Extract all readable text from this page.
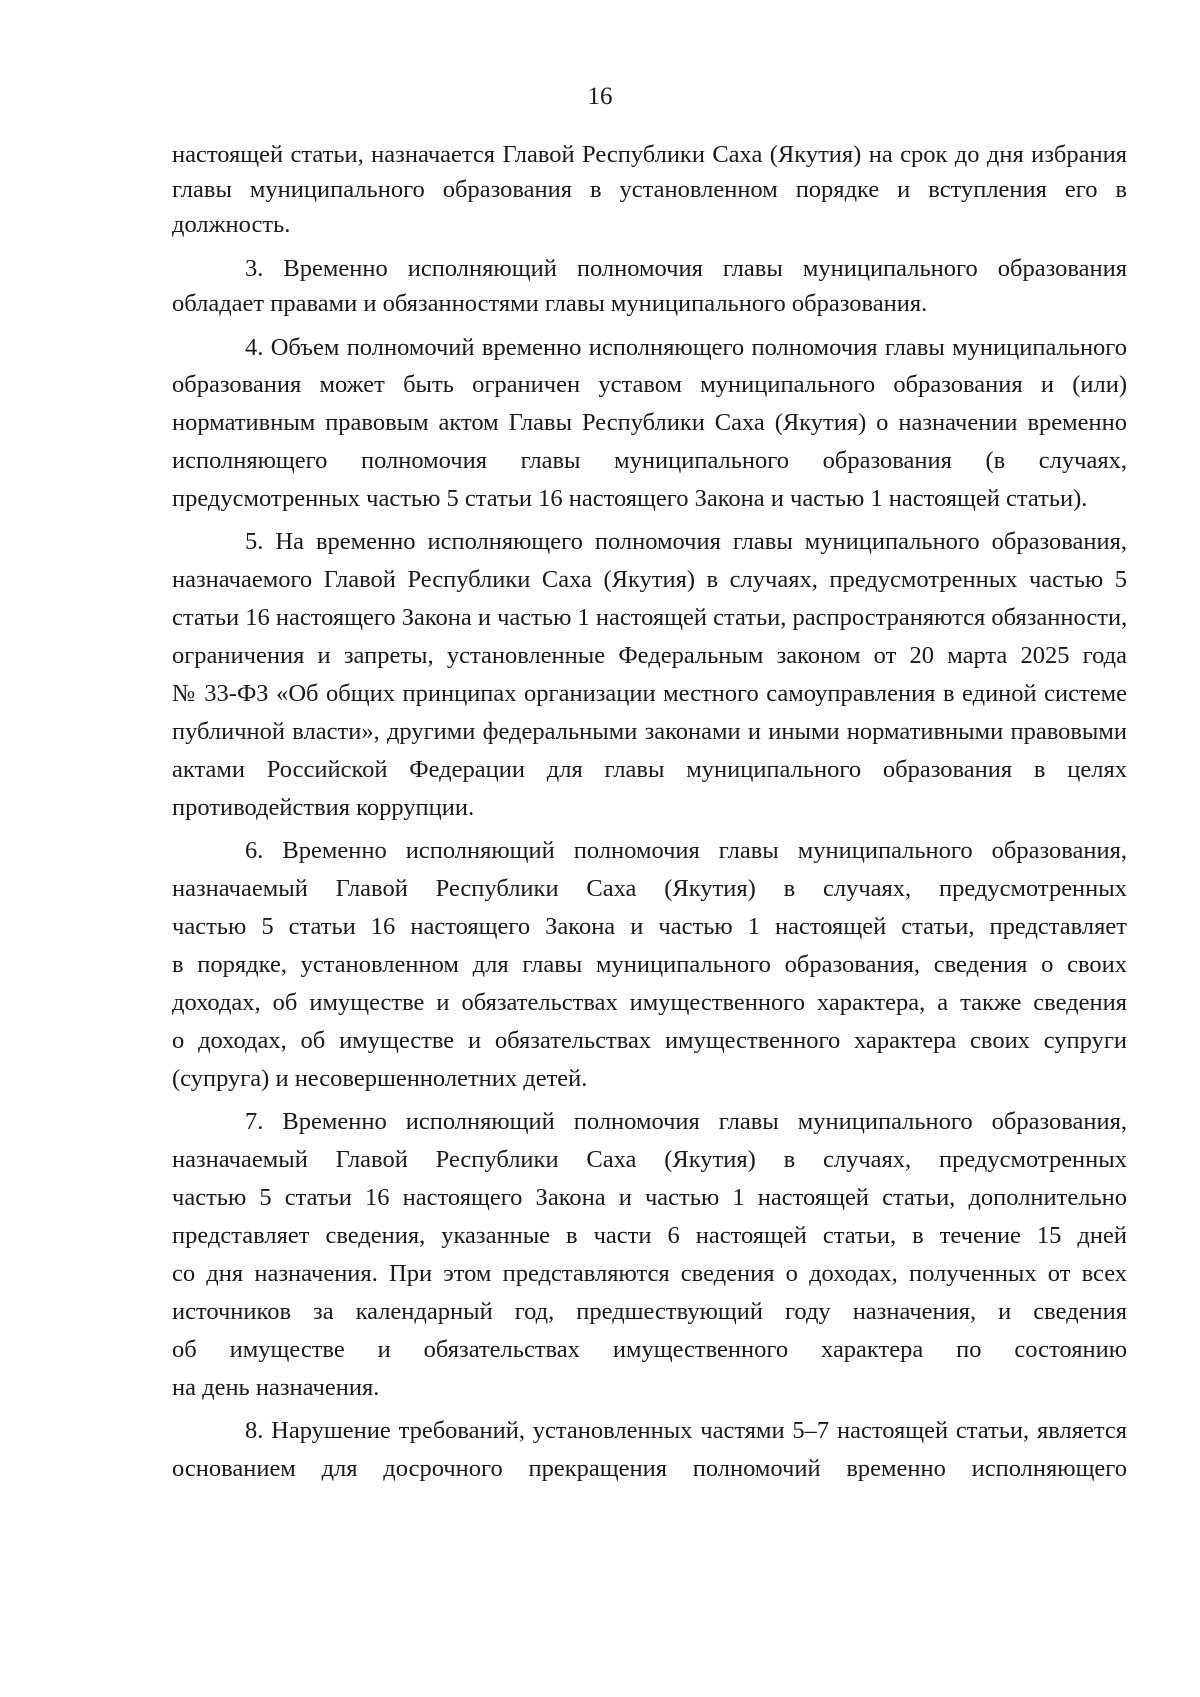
16
настоящей статьи, назначается Главой Республики Саха (Якутия) на срок до дня избрания
главы муниципального образования в установленном порядке и вступления его в
должность.
3. Временно исполняющий полномочия главы муниципального образования
обладает правами и обязанностями главы муниципального образования.
4. Объем полномочий временно исполняющего полномочия главы муниципального
образования может быть ограничен уставом муниципального образования и (или)
нормативным правовым актом Главы Республики Саха (Якутия) о назначении временно
исполняющего полномочия главы муниципального образования (в случаях,
предусмотренных частью 5 статьи 16 настоящего Закона и частью 1 настоящей статьи).
5. На временно исполняющего полномочия главы муниципального образования,
назначаемого Главой Республики Саха (Якутия) в случаях, предусмотренных частью 5
статьи 16 настоящего Закона и частью 1 настоящей статьи, распространяются обязанности,
ограничения и запреты, установленные Федеральным законом от 20 марта 2025 года
№ 33-ФЗ «Об общих принципах организации местного самоуправления в единой системе
публичной власти», другими федеральными законами и иными нормативными правовыми
актами Российской Федерации для главы муниципального образования в целях
противодействия коррупции.
6. Временно исполняющий полномочия главы муниципального образования,
назначаемый Главой Республики Саха (Якутия) в случаях, предусмотренных
частью 5 статьи 16 настоящего Закона и частью 1 настоящей статьи, представляет
в порядке, установленном для главы муниципального образования, сведения о своих
доходах, об имуществе и обязательствах имущественного характера, а также сведения
о доходах, об имуществе и обязательствах имущественного характера своих супруги
(супруга) и несовершеннолетних детей.
7. Временно исполняющий полномочия главы муниципального образования,
назначаемый Главой Республики Саха (Якутия) в случаях, предусмотренных
частью 5 статьи 16 настоящего Закона и частью 1 настоящей статьи, дополнительно
представляет сведения, указанные в части 6 настоящей статьи, в течение 15 дней
со дня назначения. При этом представляются сведения о доходах, полученных от всех
источников за календарный год, предшествующий году назначения, и сведения
об имуществе и обязательствах имущественного характера по состоянию
на день назначения.
8. Нарушение требований, установленных частями 5–7 настоящей статьи, является
основанием для досрочного прекращения полномочий временно исполняющего
